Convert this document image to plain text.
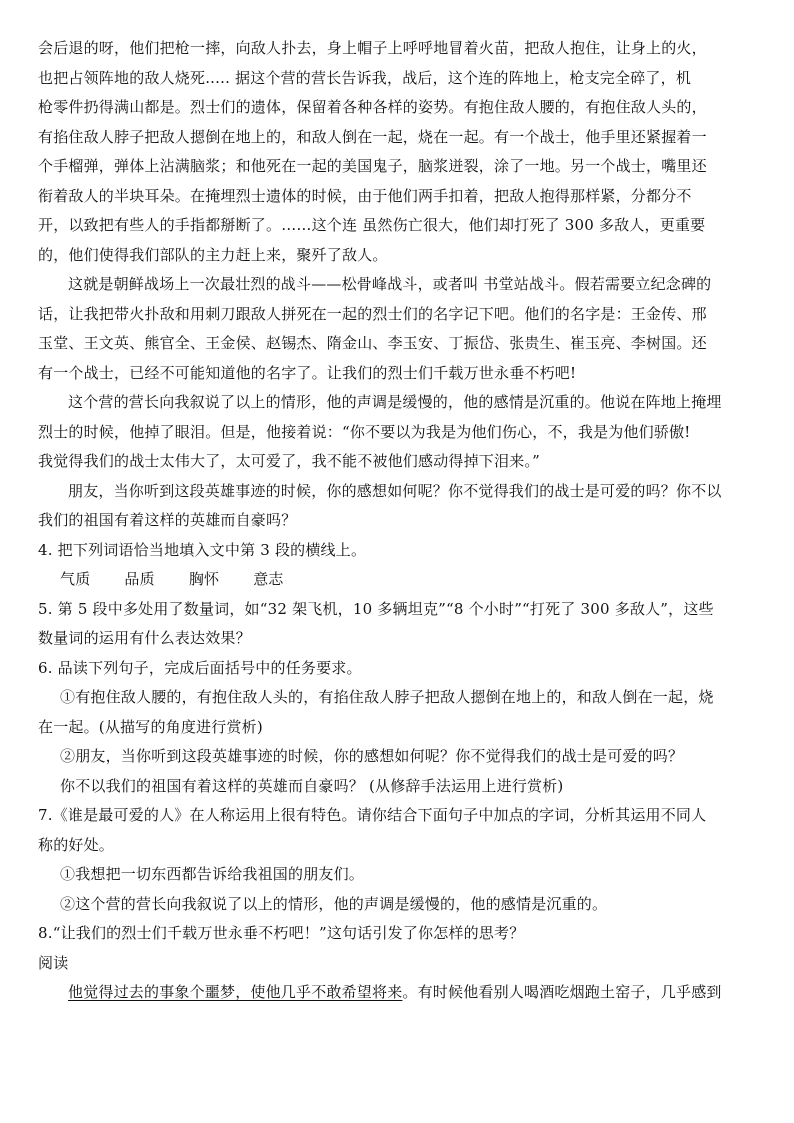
会后退的呀，他们把枪一摔，向敌人扑去，身上帽子上呼呼地冒着火苗，把敌人抱住，让身上的火，
也把占领阵地的敌人烧死..... 据这个营的营长告诉我，战后，这个连的阵地上，枪支完全碎了，机
枪零件扔得满山都是。烈士们的遗体，保留着各种各样的姿势。有抱住敌人腰的，有抱住敌人头的，
有掐住敌人脖子把敌人摁倒在地上的，和敌人倒在一起，烧在一起。有一个战士，他手里还紧握着一
个手榴弹，弹体上沾满脑浆；和他死在一起的美国鬼子，脑浆迸裂，涂了一地。另一个战士，嘴里还
衔着敌人的半块耳朵。在掩埋烈士遗体的时候，由于他们两手扣着，把敌人抱得那样紧，分都分不
开，以致把有些人的手指都掰断了。……这个连 虽然伤亡很大，他们却打死了 300 多敌人，更重要
的，他们使得我们部队的主力赶上来，聚歼了敌人。
这就是朝鲜战场上一次最壮烈的战斗——松骨峰战斗，或者叫 书堂站战斗。假若需要立纪念碑的
话，让我把带火扑敌和用刺刀跟敌人拼死在一起的烈士们的名字记下吧。他们的名字是：王金传、邢
玉堂、王文英、熊官全、王金侯、赵锡杰、隋金山、李玉安、丁振岱、张贵生、崔玉亮、李树国。还
有一个战士，已经不可能知道他的名字了。让我们的烈士们千载万世永垂不朽吧!
这个营的营长向我叙说了以上的情形，他的声调是缓慢的，他的感情是沉重的。他说在阵地上掩埋
烈士的时候，他掉了眼泪。但是，他接着说：“你不要以为我是为他们伤心，不，我是为他们骄傲!
我觉得我们的战士太伟大了，太可爱了，我不能不被他们感动得掉下泪来。”
朋友，当你听到这段英雄事迹的时候，你的感想如何呢？你不觉得我们的战士是可爱的吗？你不以
我们的祖国有着这样的英雄而自豪吗？
4. 把下列词语恰当地填入文中第 3 段的横线上。
气质 品质 胸怀 意志
5. 第 5 段中多处用了数量词，如“32 架飞机，10 多辆坦克”“8 个小时”“打死了 300 多敌人”，这些
数量词的运用有什么表达效果？
6. 品读下列句子，完成后面括号中的任务要求。
①有抱住敌人腰的，有抱住敌人头的，有掐住敌人脖子把敌人摁倒在地上的，和敌人倒在一起，烧
在一起。(从描写的角度进行赏析)
②朋友，当你听到这段英雄事迹的时候，你的感想如何呢？你不觉得我们的战士是可爱的吗？
你不以我们的祖国有着这样的英雄而自豪吗？ (从修辞手法运用上进行赏析)
7.《谁是最可爱的人》在人称运用上很有特色。请你结合下面句子中加点的字词，分析其运用不同人
称的好处。
①我想把一切东西都告诉给我祖国的朋友们。
②这个营的营长向我叙说了以上的情形，他的声调是缓慢的，他的感情是沉重的。
8.“让我们的烈士们千载万世永垂不朽吧！”这句话引发了你怎样的思考？
阅读
他觉得过去的事象个噩梦，使他几乎不敢希望将来。有时候他看别人喝酒吃烟跑土窑子，几乎感到
